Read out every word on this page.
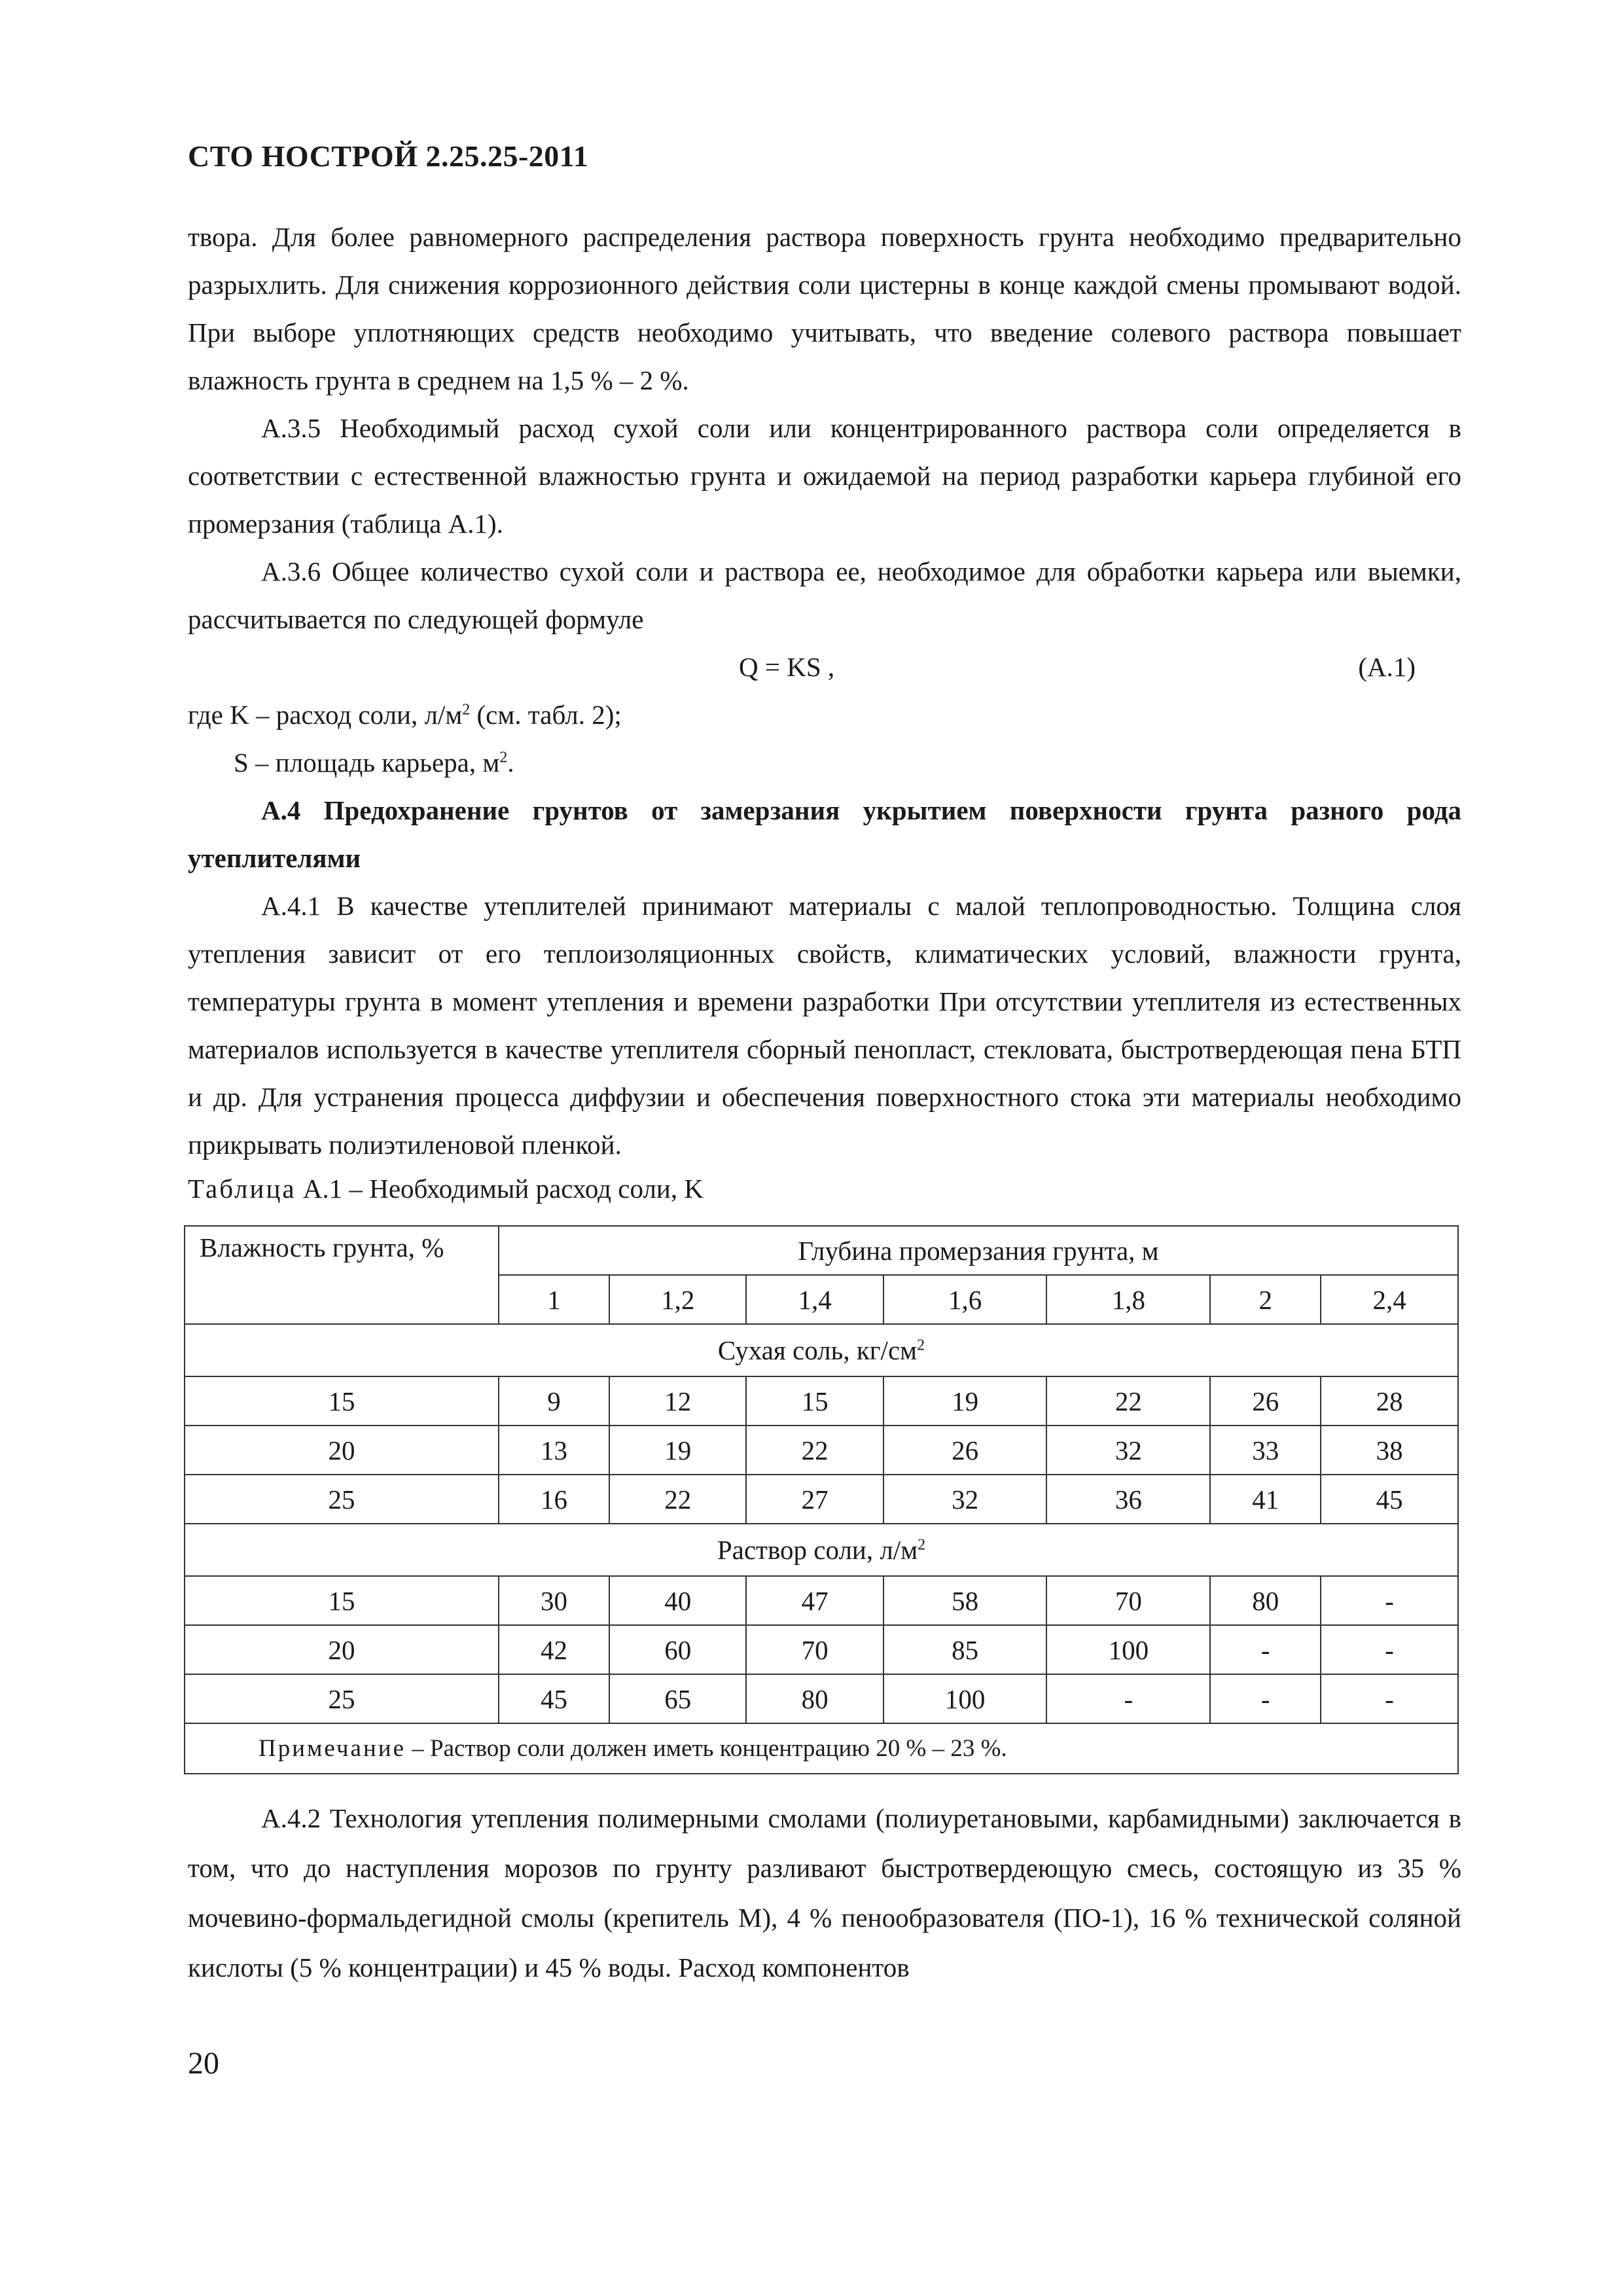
СТО НОСТРОЙ 2.25.25-2011

твора. Для более равномерного распределения раствора поверхность грунта необходимо предварительно разрыхлить. Для снижения коррозионного действия соли цистерны в конце каждой смены промывают водой. При выборе уплотняющих средств необходимо учитывать, что введение солевого раствора повышает влажность грунта в среднем на 1,5 % – 2 %.

А.3.5 Необходимый расход сухой соли или концентрированного раствора соли определяется в соответствии с естественной влажностью грунта и ожидаемой на период разработки карьера глубиной его промерзания (таблица А.1).

А.3.6 Общее количество сухой соли и раствора ее, необходимое для обработки карьера или выемки, рассчитывается по следующей формуле

Q = KS ,	(А.1)
где K – расход соли, $л/м^2$ (см. табл. 2);
S – площадь карьера, $м^2$.

А.4 Предохранение грунтов от замерзания укрытием поверхности грунта разного рода утеплителями

А.4.1 В качестве утеплителей принимают материалы с малой теплопроводностью. Толщина слоя утепления зависит от его теплоизоляционных свойств, климатических условий, влажности грунта, температуры грунта в момент утепления и времени разработки При отсутствии утеплителя из естественных материалов используется в качестве утеплителя сборный пенопласт, стекловата, быстротвердеющая пена БТП и др. Для устранения процесса диффузии и обеспечения поверхностного стока эти материалы необходимо прикрывать полиэтиленовой пленкой.

Таблица А.1 – Необходимый расход соли, K
Влажность грунта, %	Глубина промерзания грунта, м						
	1	1,2	1,4	1,6	1,8	2	2,4
Сухая соль, $кг/см^2$
15	9	12	15	19	22	26	28
20	13	19	22	26	32	33	38
25	16	22	27	32	36	41	45
Раствор соли, $л/м^2$
15	30	40	47	58	70	80	-
20	42	60	70	85	100	-	-
25	45	65	80	100	-	-	-
Примечание – Раствор соли должен иметь концентрацию 20 % – 23 %.							

А.4.2 Технология утепления полимерными смолами (полиуретановыми, карбамидными) заключается в том, что до наступления морозов по грунту разливают быстротвердеющую смесь, состоящую из 35 % мочевино-формальдегидной смолы (крепитель М), 4 % пенообразователя (ПО-1), 16 % технической соляной кислоты (5 % концентрации) и 45 % воды. Расход компонентов

20
